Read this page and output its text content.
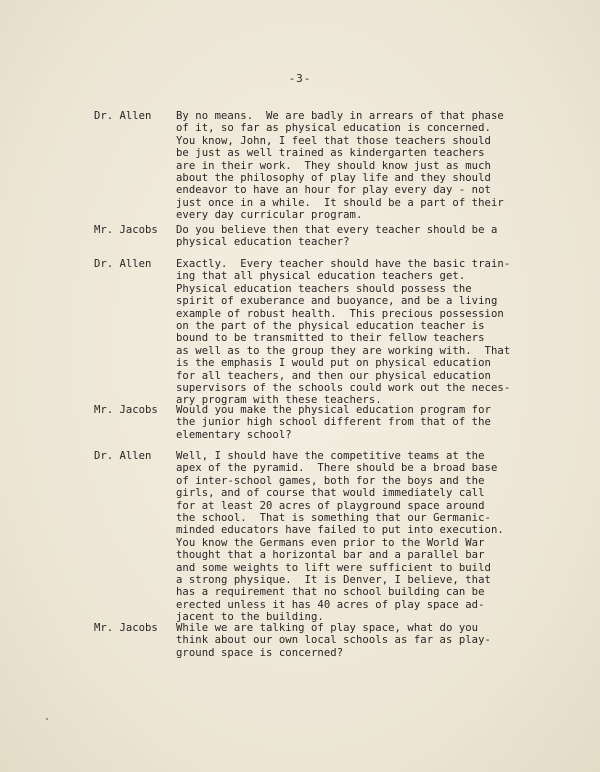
-3-
Dr. Allen	By no means.  We are badly in arrears of that phase
of it, so far as physical education is concerned.
You know, John, I feel that those teachers should
be just as well trained as kindergarten teachers
are in their work.  They should know just as much
about the philosophy of play life and they should
endeavor to have an hour for play every day - not
just once in a while.  It should be a part of their
every day curricular program.
Mr. Jacobs	Do you believe then that every teacher should be a
physical education teacher?
Dr. Allen	Exactly.  Every teacher should have the basic train-
ing that all physical education teachers get.
Physical education teachers should possess the
spirit of exuberance and buoyance, and be a living
example of robust health.  This precious possession
on the part of the physical education teacher is
bound to be transmitted to their fellow teachers
as well as to the group they are working with.  That
is the emphasis I would put on physical education
for all teachers, and then our physical education
supervisors of the schools could work out the neces-
ary program with these teachers.
Mr. Jacobs	Would you make the physical education program for
the junior high school different from that of the
elementary school?
Dr. Allen	Well, I should have the competitive teams at the
apex of the pyramid.  There should be a broad base
of inter-school games, both for the boys and the
girls, and of course that would immediately call
for at least 20 acres of playground space around
the school.  That is something that our Germanic-
minded educators have failed to put into execution.
You know the Germans even prior to the World War
thought that a horizontal bar and a parallel bar
and some weights to lift were sufficient to build
a strong physique.  It is Denver, I believe, that
has a requirement that no school building can be
erected unless it has 40 acres of play space ad-
jacent to the building.
Mr. Jacobs	While we are talking of play space, what do you
think about our own local schools as far as play-
ground space is concerned?
